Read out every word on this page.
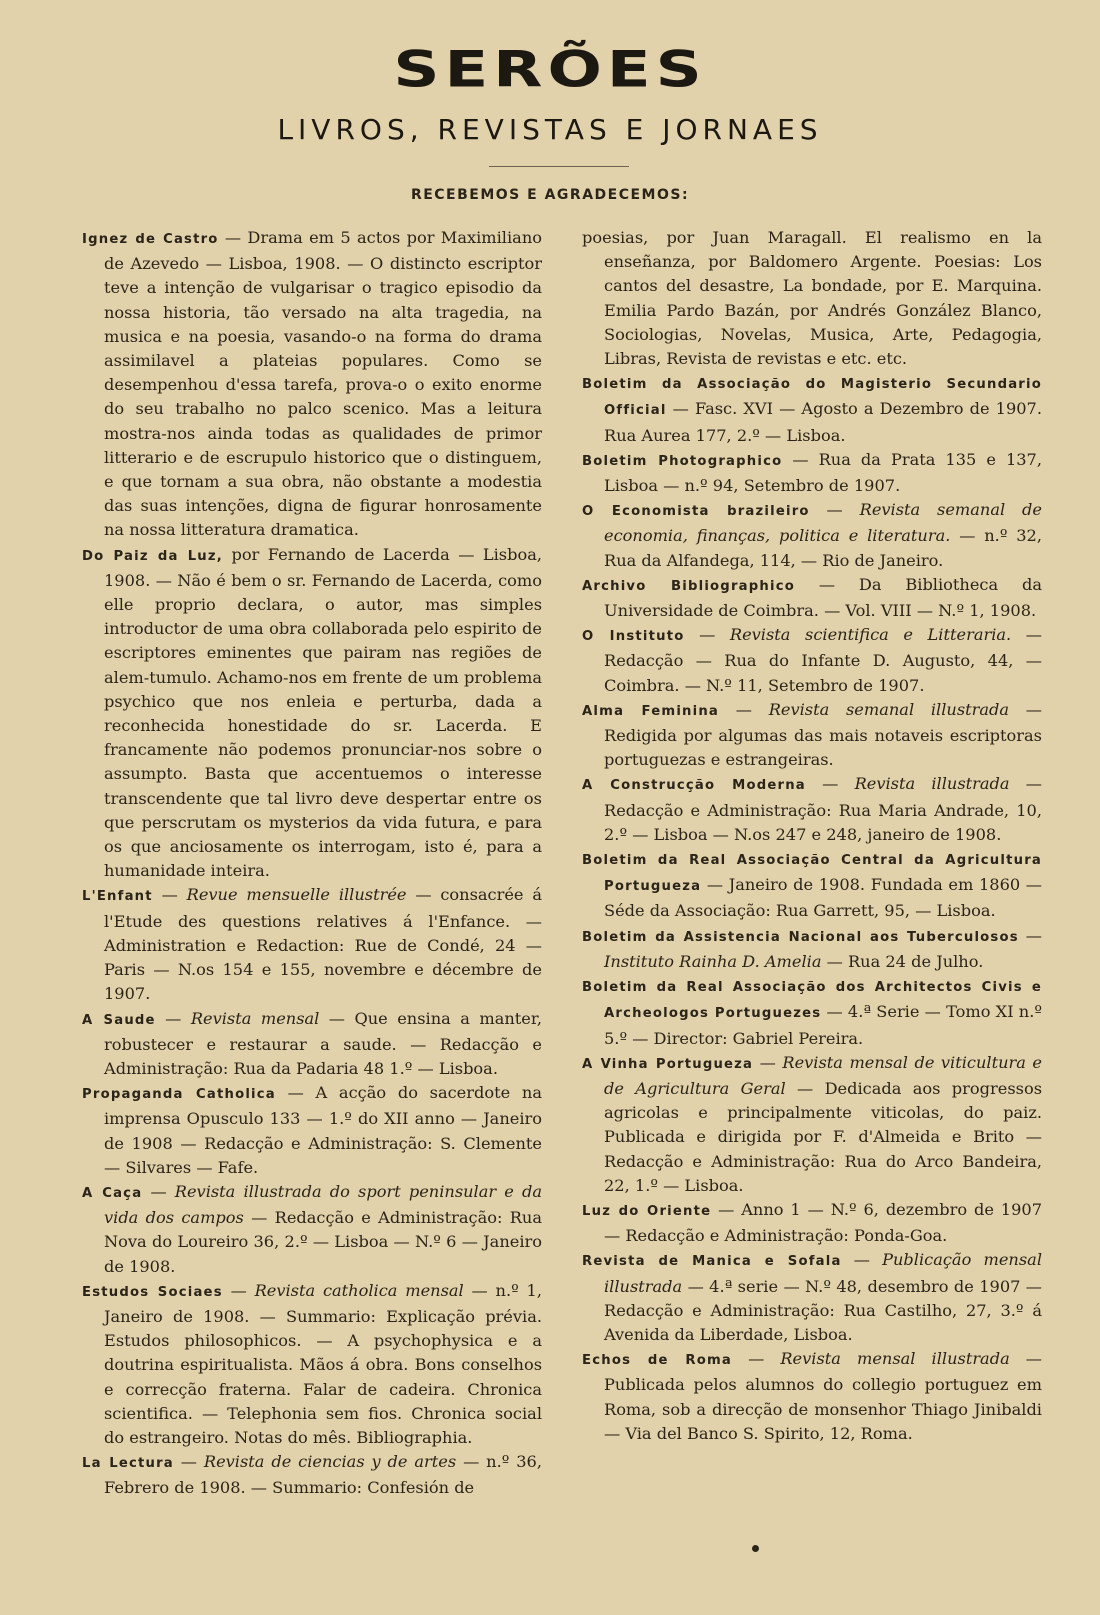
SERÕES
LIVROS, REVISTAS E JORNAES
RECEBEMOS E AGRADECEMOS:

Ignez de Castro — Drama em 5 actos por Maximiliano de Azevedo — Lisboa, 1908. — O distincto escriptor teve a intenção de vulgarisar o tragico episodio da nossa historia, tão versado na alta tragedia, na musica e na poesia, vasando-o na forma do drama assimilavel a plateias populares. Como se desempenhou d'essa tarefa, prova-o o exito enorme do seu trabalho no palco scenico. Mas a leitura mostra-nos ainda todas as qualidades de primor litterario e de escrupulo historico que o distinguem, e que tornam a sua obra, não obstante a modestia das suas intenções, digna de figurar honrosamente na nossa litteratura dramatica.

Do Paiz da Luz, por Fernando de Lacerda — Lisboa, 1908. — Não é bem o sr. Fernando de Lacerda, como elle proprio declara, o autor, mas simples introductor de uma obra collaborada pelo espirito de escriptores eminentes que pairam nas regiões de alem-tumulo. Achamo-nos em frente de um problema psychico que nos enleia e perturba, dada a reconhecida honestidade do sr. Lacerda. E francamente não podemos pronunciar-nos sobre o assumpto. Basta que accentuemos o interesse transcendente que tal livro deve despertar entre os que perscrutam os mysterios da vida futura, e para os que anciosamente os interrogam, isto é, para a humanidade inteira.

L'Enfant — Revue mensuelle illustrée — consacrée á l'Etude des questions relatives á l'Enfance. — Administration e Redaction: Rue de Condé, 24 — Paris — N.os 154 e 155, novembre e décembre de 1907.

A Saude — Revista mensal — Que ensina a manter, robustecer e restaurar a saude. — Redacção e Administração: Rua da Padaria 48 1.º — Lisboa.

Propaganda Catholica — A acção do sacerdote na imprensa Opusculo 133 — 1.º do XII anno — Janeiro de 1908 — Redacção e Administração: S. Clemente — Silvares — Fafe.

A Caça — Revista illustrada do sport peninsular e da vida dos campos — Redacção e Administração: Rua Nova do Loureiro 36, 2.º — Lisboa — N.º 6 — Janeiro de 1908.

Estudos Sociaes — Revista catholica mensal — n.º 1, Janeiro de 1908. — Summario: Explicação prévia. Estudos philosophicos. — A psychophysica e a doutrina espiritualista. Mãos á obra. Bons conselhos e correcção fraterna. Falar de cadeira. Chronica scientifica. — Telephonia sem fios. Chronica social do estrangeiro. Notas do mês. Bibliographia.

La Lectura — Revista de ciencias y de artes — n.º 36, Febrero de 1908. — Summario: Confesión de

poesias, por Juan Maragall. El realismo en la enseñanza, por Baldomero Argente. Poesias: Los cantos del desastre, La bondade, por E. Marquina. Emilia Pardo Bazán, por Andrés González Blanco, Sociologias, Novelas, Musica, Arte, Pedagogia, Libras, Revista de revistas e etc. etc.

Boletim da Associação do Magisterio Secundario Official — Fasc. XVI — Agosto a Dezembro de 1907. Rua Aurea 177, 2.º — Lisboa.

Boletim Photographico — Rua da Prata 135 e 137, Lisboa — n.º 94, Setembro de 1907.

O Economista brazileiro — Revista semanal de economia, finanças, politica e literatura. — n.º 32, Rua da Alfandega, 114, — Rio de Janeiro.

Archivo Bibliographico — Da Bibliotheca da Universidade de Coimbra. — Vol. VIII — N.º 1, 1908.

O Instituto — Revista scientifica e Litteraria. — Redacção — Rua do Infante D. Augusto, 44, — Coimbra. — N.º 11, Setembro de 1907.

Alma Feminina — Revista semanal illustrada — Redigida por algumas das mais notaveis escriptoras portuguezas e estrangeiras.

A Construcção Moderna — Revista illustrada — Redacção e Administração: Rua Maria Andrade, 10, 2.º — Lisboa — N.os 247 e 248, janeiro de 1908.

Boletim da Real Associação Central da Agricultura Portugueza — Janeiro de 1908. Fundada em 1860 — Séde da Associação: Rua Garrett, 95, — Lisboa.

Boletim da Assistencia Nacional aos Tuberculosos — Instituto Rainha D. Amelia — Rua 24 de Julho.

Boletim da Real Associação dos Architectos Civis e Archeologos Portuguezes — 4.ª Serie — Tomo XI n.º 5.º — Director: Gabriel Pereira.

A Vinha Portugueza — Revista mensal de viticultura e de Agricultura Geral — Dedicada aos progressos agricolas e principalmente viticolas, do paiz. Publicada e dirigida por F. d'Almeida e Brito — Redacção e Administração: Rua do Arco Bandeira, 22, 1.º — Lisboa.

Luz do Oriente — Anno 1 — N.º 6, dezembro de 1907 — Redacção e Administração: Ponda-Goa.

Revista de Manica e Sofala — Publicação mensal illustrada — 4.ª serie — N.º 48, desembro de 1907 — Redacção e Administração: Rua Castilho, 27, 3.º á Avenida da Liberdade, Lisboa.

Echos de Roma — Revista mensal illustrada — Publicada pelos alumnos do collegio portuguez em Roma, sob a direcção de monsenhor Thiago Jinibaldi — Via del Banco S. Spirito, 12, Roma.
